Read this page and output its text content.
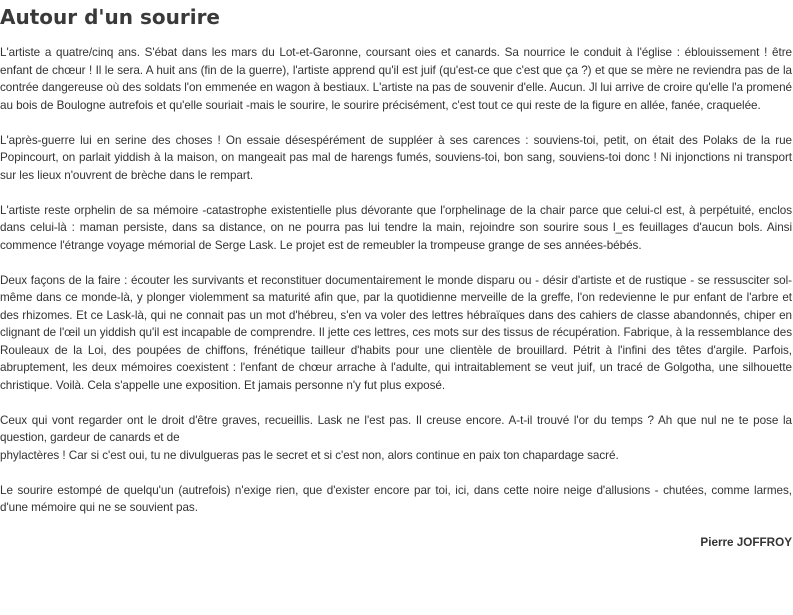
Autour d'un sourire

L'artiste a quatre/cinq ans. S'ébat dans les mars du Lot-et-Garonne, coursant oies et canards. Sa nourrice le conduit à l'église : éblouissement ! être enfant de chœur ! Il le sera. A huit ans (fin de la guerre), l'artiste apprend qu'il est juif (qu'est-ce que c'est que ça ?) et que se mère ne reviendra pas de la contrée dangereuse où des soldats l'on emmenée en wagon à bestiaux. L'artiste na pas de souvenir d'elle. Aucun. Jl lui arrive de croire qu'elle l'a promené au bois de Boulogne autrefois et qu'elle souriait -mais le sourire, le sourire précisément, c'est tout ce qui reste de la figure en allée, fanée, craquelée.

L'après-guerre lui en serine des choses ! On essaie désespérément de suppléer à ses carences : souviens-toi, petit, on était des Polaks de la rue Popincourt, on parlait yiddish à la maison, on mangeait pas mal de harengs fumés, souviens-toi, bon sang, souviens-toi donc ! Ni injonctions ni transport sur les lieux n'ouvrent de brèche dans le rempart.

L'artiste reste orphelin de sa mémoire -catastrophe existentielle plus dévorante que l'orphelinage de la chair parce que celui-cl est, à perpétuité, enclos dans celui-là : maman persiste, dans sa distance, on ne pourra pas lui tendre la main, rejoindre son sourire sous l_es feuillages d'aucun bols. Ainsi commence l'étrange voyage mémorial de Serge Lask. Le projet est de remeubler la trompeuse grange de ses années-bébés.

Deux façons de la faire : écouter les survivants et reconstituer documentairement le monde disparu ou - désir d'artiste et de rustique - se ressusciter sol-même dans ce monde-là, y plonger violemment sa maturité afin que, par la quotidienne merveille de la greffe, l'on redevienne le pur enfant de l'arbre et des rhizomes. Et ce Lask-là, qui ne connait pas un mot d'hébreu, s'en va voler des lettres hébraïques dans des cahiers de classe abandonnés, chiper en clignant de l'œil un yiddish qu'il est incapable de comprendre. Il jette ces lettres, ces mots sur des tissus de récupération. Fabrique, à la ressemblance des Rouleaux de la Loi, des poupées de chiffons, frénétique tailleur d'habits pour une clientèle de brouillard. Pétrit à l'infini des têtes d'argile. Parfois, abruptement, les deux mémoires coexistent : l'enfant de chœur arrache à l'adulte, qui intraitablement se veut juif, un tracé de Golgotha, une silhouette christique. Voilà. Cela s'appelle une exposition. Et jamais personne n'y fut plus exposé.

Ceux qui vont regarder ont le droit d'être graves, recueillis. Lask ne l'est pas. Il creuse encore. A-t-il trouvé l'or du temps ? Ah que nul ne te pose la question, gardeur de canards et de
phylactères ! Car si c'est oui, tu ne divulgueras pas le secret et si c'est non, alors continue en paix ton chapardage sacré.

Le sourire estompé de quelqu'un (autrefois) n'exige rien, que d'exister encore par toi, ici, dans cette noire neige d'allusions - chutées, comme larmes, d'une mémoire qui ne se souvient pas.

Pierre JOFFROY
